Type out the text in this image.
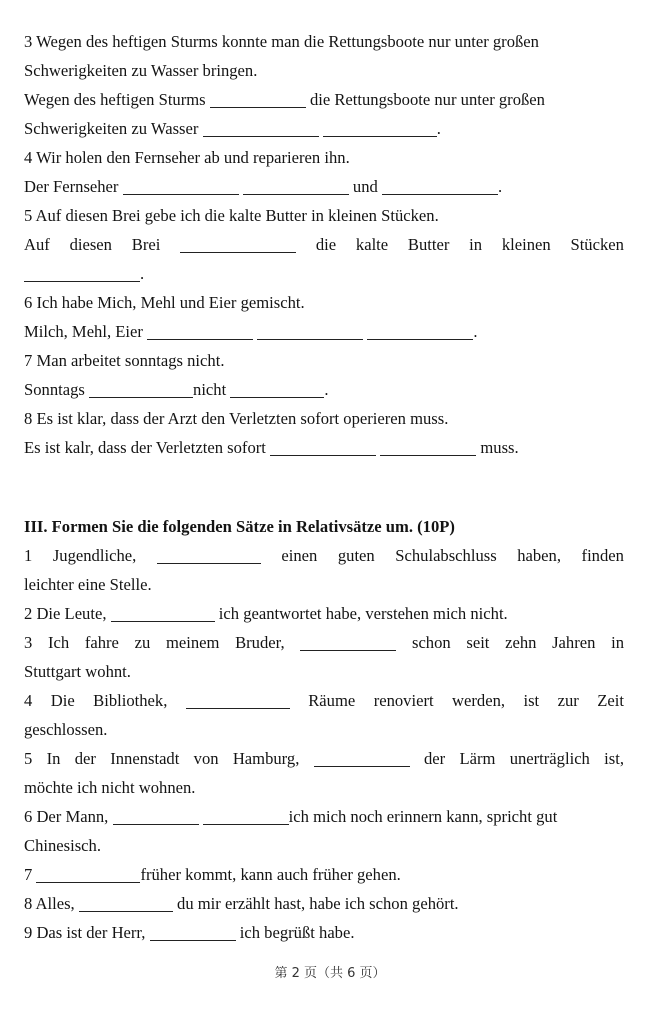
3 Wegen des heftigen Sturms konnte man die Rettungsboote nur unter großen
Schwerigkeiten zu Wasser bringen.
Wegen des heftigen Sturms	die Rettungsboote nur unter großen
Schwerigkeiten zu Wasser	.
4 Wir holen den Fernseher ab und reparieren ihn.
Der Fernseher	und	.
5 Auf diesen Brei gebe ich die kalte Butter in kleinen Stücken.
Auf diesen Brei	die kalte Butter in kleinen Stücken
.
6 Ich habe Mich, Mehl und Eier gemischt.
Milch, Mehl, Eier	.
7 Man arbeitet sonntags nicht.
Sonntags	nicht	.
8 Es ist klar, dass der Arzt den Verletzten sofort operieren muss.
Es ist kalr, dass der Verletzten sofort	muss.
III. Formen Sie die folgenden Sätze in Relativsätze um. (10P)
1 Jugendliche,	einen guten Schulabschluss haben, finden
leichter eine Stelle.
2 Die Leute,	ich geantwortet habe, verstehen mich nicht.
3 Ich fahre zu meinem Bruder,	schon seit zehn Jahren in
Stuttgart wohnt.
4 Die Bibliothek,	Räume renoviert werden, ist zur Zeit
geschlossen.
5 In der Innenstadt von Hamburg,	der Lärm unerträglich ist,
möchte ich nicht wohnen.
6 Der Mann,	ich mich noch erinnern kann, spricht gut
Chinesisch.
7	früher kommt, kann auch früher gehen.
8 Alles,	du mir erzählt hast, habe ich schon gehört.
9 Das ist der Herr,	ich begrüßt habe.
第 2 页（共 6 页）
